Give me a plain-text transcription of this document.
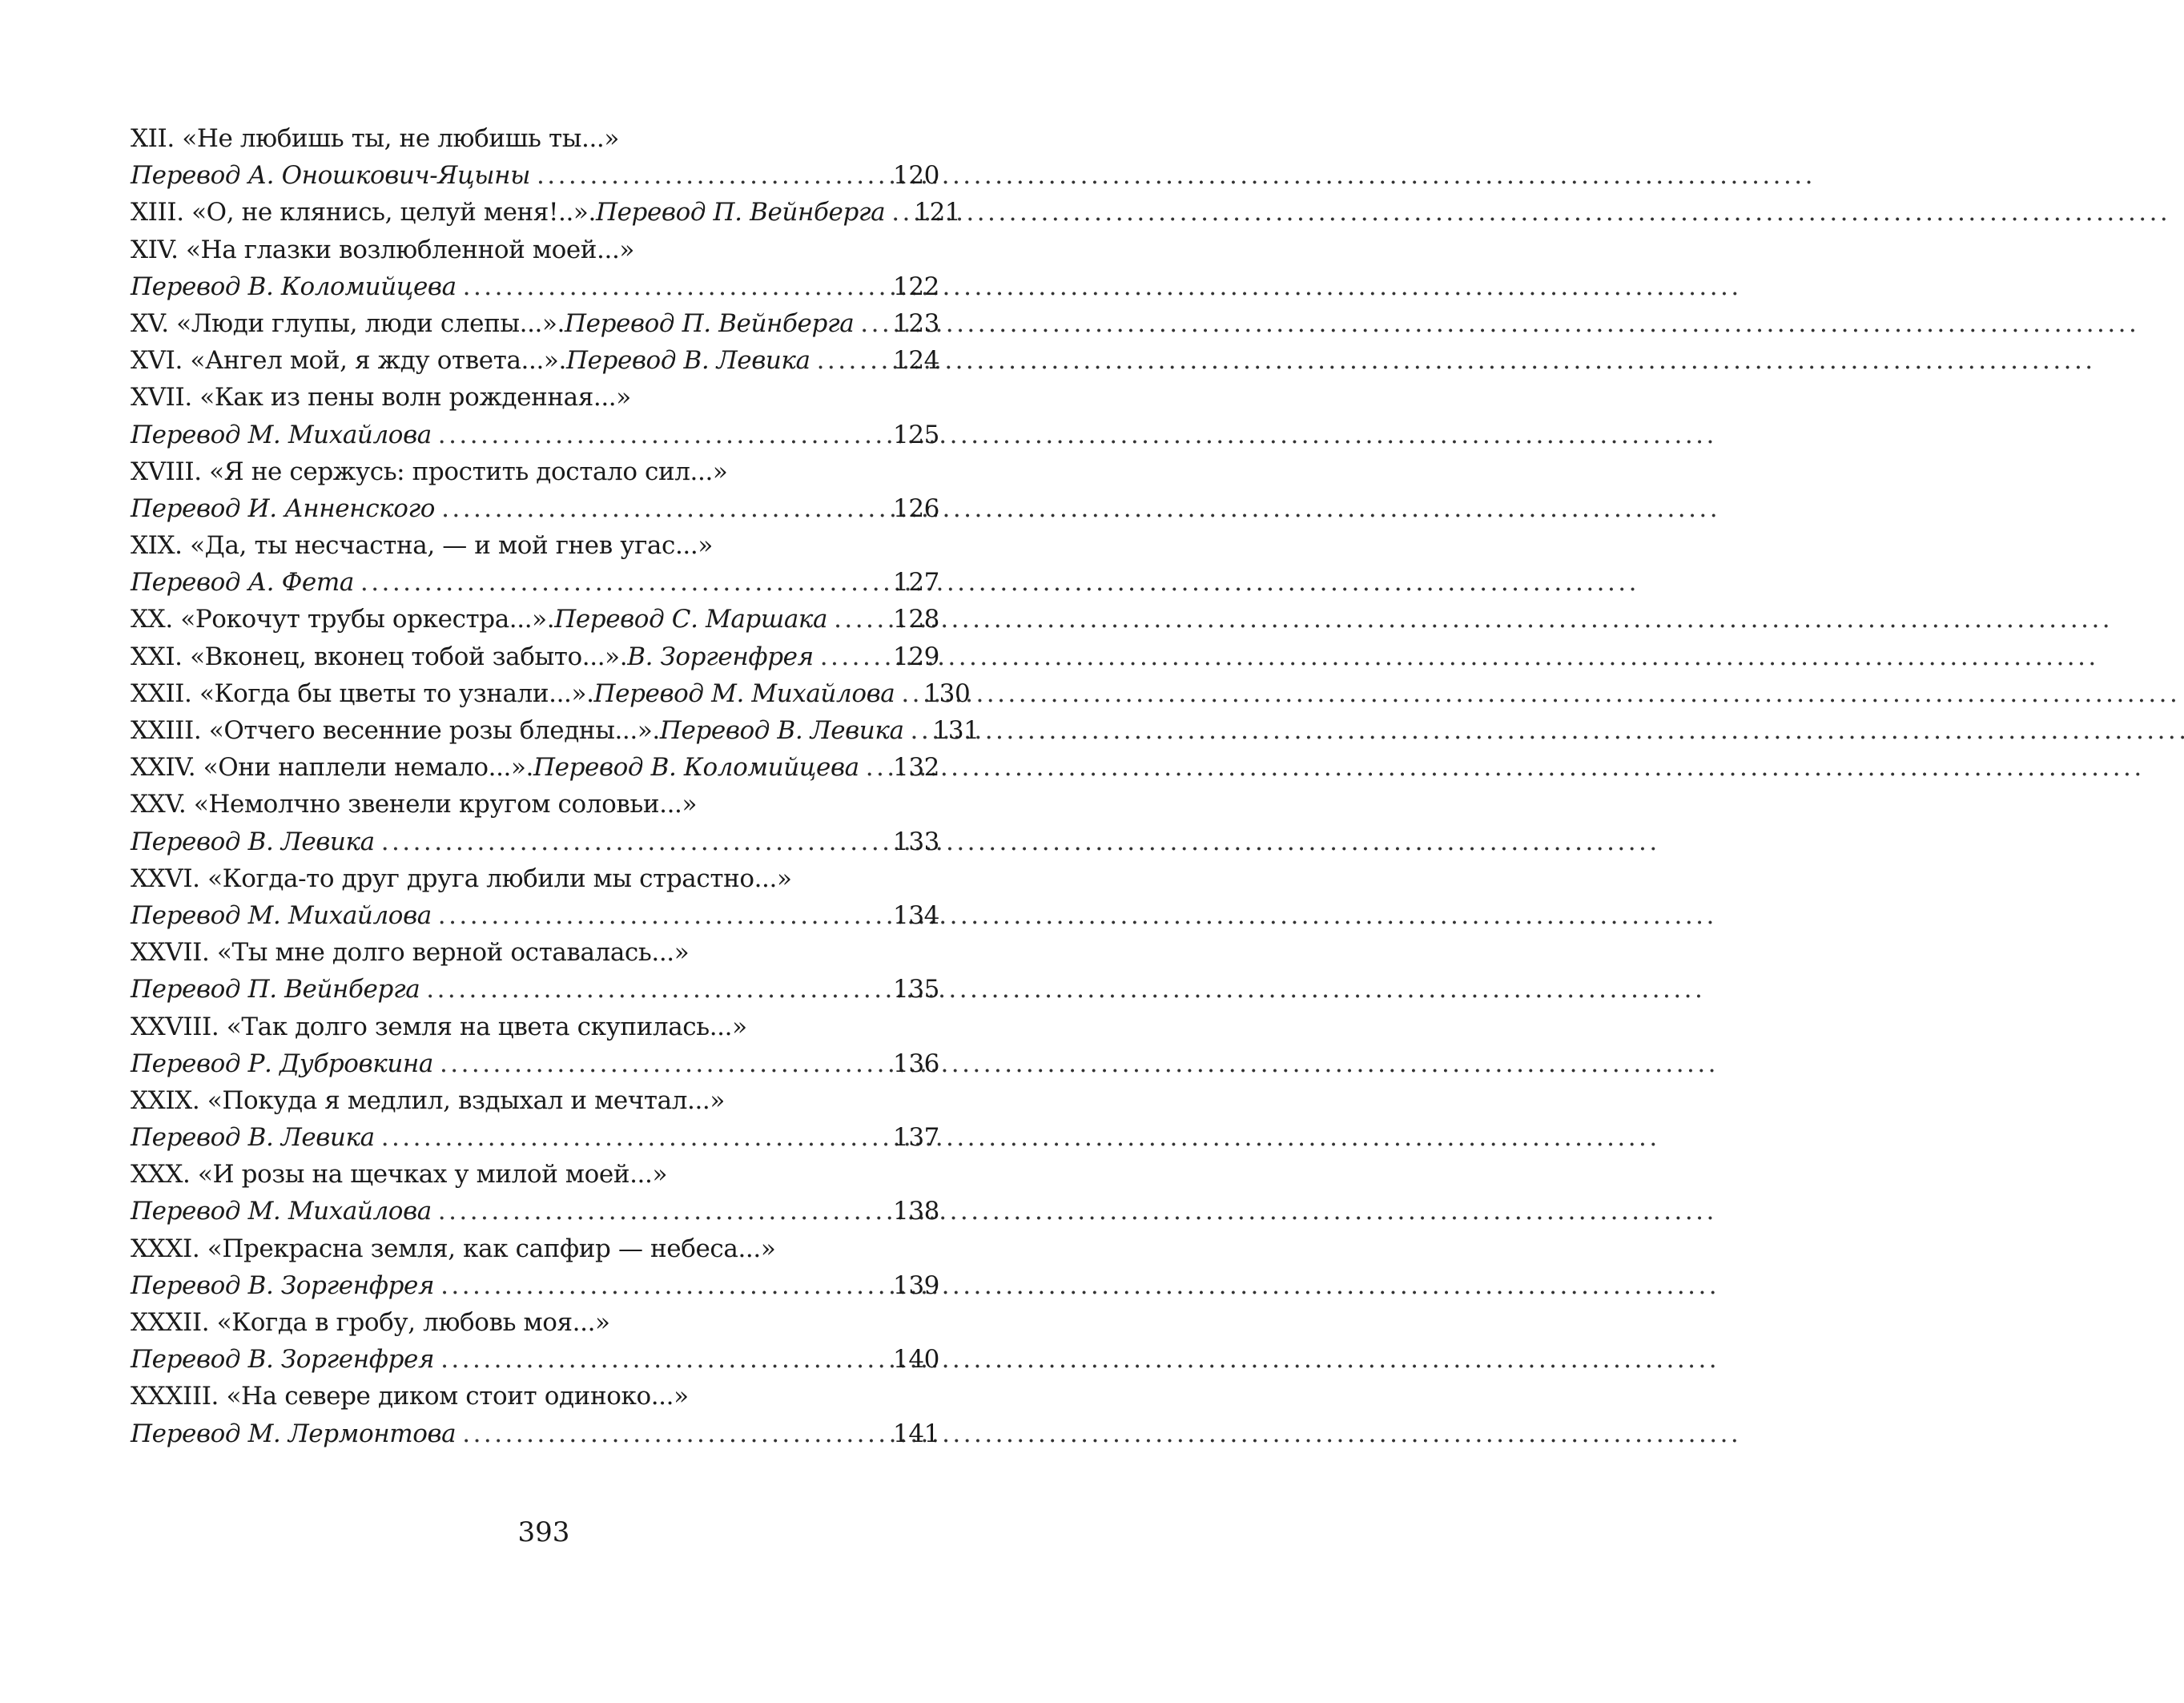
XII. «Не любишь ты, не любишь ты...»
Перевод А. Оношкович-Яцыны . . .	120
XIII. «О, не клянись, целуй меня!..». Перевод П. Вейнберга . . . 121
XIV. «На глазки возлюбленной моей...»
Перевод В. Коломийцева . . .	122
XV. «Люди глупы, люди слепы...». Перевод П. Вейнберга . . . 123
XVI. «Ангел мой, я жду ответа...». Перевод В. Левика . . .	124
XVII. «Как из пены волн рожденная...»
Перевод М. Михайлова . . .	125
XVIII. «Я не сержусь: простить достало сил...»
Перевод И. Анненского . . .	126
XIX. «Да, ты несчастна, — и мой гнев угас...»
Перевод А. Фета . . .	127
XX. «Рокочут трубы оркестра...». Перевод С. Маршака . . .	128
XXI. «Вконец, вконец тобой забыто...». В. Зоргенфрея . . .	129
XXII. «Когда бы цветы то узнали...». Перевод М. Михайлова . . . 130
XXIII. «Отчего весенние розы бледны...». Перевод В. Левика . . . 131
XXIV. «Они наплели немало...». Перевод В. Коломийцева . . . 132
XXV. «Немолчно звенели кругом соловьи...»
Перевод В. Левика . . .	133
XXVI. «Когда-то друг друга любили мы страстно...»
Перевод М. Михайлова . . .	134
XXVII. «Ты мне долго верной оставалась...»
Перевод П. Вейнберга . . .	135
XXVIII. «Так долго земля на цвета скупилась...»
Перевод Р. Дубровкина . . .	136
XXIX. «Покуда я медлил, вздыхал и мечтал...»
Перевод В. Левика . . .	137
XXX. «И розы на щечках у милой моей...»
Перевод М. Михайлова . . .	138
XXXI. «Прекрасна земля, как сапфир — небеса...»
Перевод В. Зоргенфрея . . .	139
XXXII. «Когда в гробу, любовь моя...»
Перевод В. Зоргенфрея . . .	140
XXXIII. «На севере диком стоит одиноко...»
Перевод М. Лермонтова . . .	141
393
